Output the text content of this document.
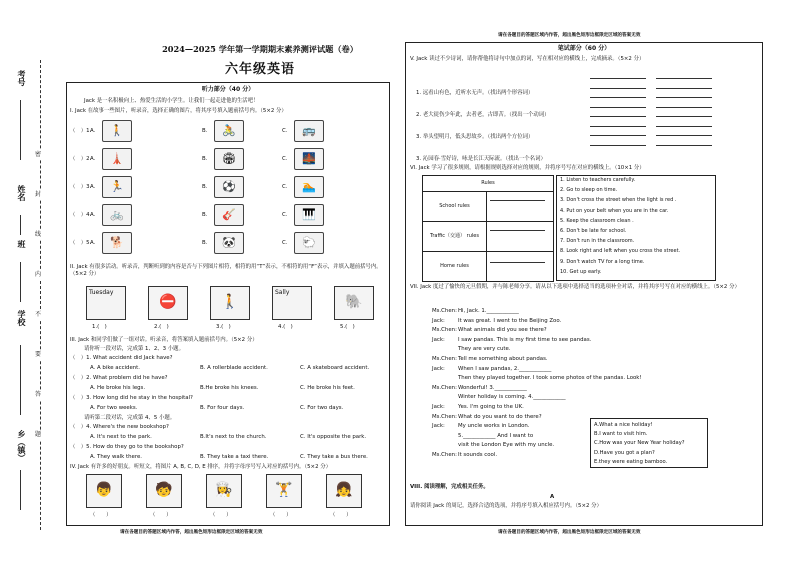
考号
姓名
班
学校
乡（镇）
密
封
线
内
不
要
答
题
2024—2025 学年第一学期期末素养测评试题（卷）
六年级英语
听力部分（40 分）
Jack 是一名积极向上、热爱生活的小学生。让我们一起走进他的生活吧！
I. Jack 在故事一些图片，听录音，选择正确的图片，将其序号填入题前括号内。（5×2 分）
（　）1.
A.	🚶	B.	🚴	C.	🚌
（　）2.
A.	🗼	B.	🏟	C.	🌉
（　）3.
A.	🏃	B.	⚽	C.	🏊
（　）4.
A.	🚲	B.	🎸	C.	🎹
（　）5.
A.	🐕	B.	🐼	C.	🐑
II. Jack 有很多活动。听录音，判断听到的内容是否与下列图片相符，相符的用“T”表示，不相符的用“F”表示，并填入题前括号内。（5×2 分）
Tuesday
1.(　)
⛔
2.(　)
🚶
3.(　)
Sally
4.(　)
🐘
5.(　)
III. Jack 和同学们做了一组对话。听录音，将答案填入题前括号内。（5×2 分）
请你听一段对话，完成第 1、2、3 小题。
（　）1. What accident did Jack have?
A. A bike accident.	B. A rollerblade accident.	C. A skateboard accident.
（　）2. What problem did he have?
A. He broke his legs.	B.He broke his knees.	C. He broke his feet.
（　）3. How long did he stay in the hospital?
A. For two weeks.	B. For four days.	C. For two days.
请听第二段对话，完成第 4、5 小题。
（　）4. Where's the new bookshop?
A. It's next to the park.	B.It's next to the church.	C. It's opposite the park.
（　）5. How do they go to the bookshop?
A. They walk there.	B. They take a taxi there.	C. They take a bus there.
IV. Jack 有许多的好朋友。听短文，将图片 A, B, C, D, E 排序，并将字母序号写入对应的括号内。（5×2 分）
👦
（　　）
🧒
（　　）
👩‍🍳
（　　）
🏋
（　　）
👧
（　　）
请在各题目的答题区域内作答，超出黑色矩形边框限定区域的答案无效
请在各题目的答题区域内作答，超出黑色矩形边框限定区域的答案无效
笔试部分（60 分）
V. Jack 读过不少诗词，请你帮他将诗句中加点的词，写在相对应的横线上，完成摘录。（5×2 分）
1. 远看山有色，近听水无声。（找出两个形容词）
2. 老大徒伤少年此，去者老，古即苦。（找出一个动词）
3. 举头望明月，低头思故乡。（找出两个方位词）
3. 沁园春·雪好诗，咏是长江天际流。（找出一个名词）
VI. Jack 学习了很多规则，请根据规则选择对应的规则，并将序号写在对应的横线上。（10×1 分）
Rules	
School rules	
Traffic（交通） rules	
Home rules	
1. Listen to teachers carefully.
2. Go to sleep on time.
3. Don't cross the street when the light is red .
4. Put on your belt when you are in the car.
5. Keep the classroom clean .
6. Don't be late for school.
7. Don't run in the classroom.
8. Look right and left when you cross the street.
9. Don't watch TV for a long time.
10. Get up early.
VII. Jack 度过了愉快的元旦假期，并与陈老师分享。请从以下选项中选择适当的选项补全对话，并将其序号写在对应的横线上。（5×2 分）
Ms.Chen: Hi, Jack. 1.____________
Jack: It was great. I went to the Beijing Zoo.
Ms.Chen: What animals did you see there?
Jack: I saw pandas. This is my first time to see pandas.
They are very cute.
Ms.Chen: Tell me something about pandas.
Jack: When I saw pandas, 2.____________
Then they played together. I took some photos of the pandas. Look!
Ms.Chen: Wonderful! 3.____________
Winter holiday is coming. 4.____________
Jack: Yes. I'm going to the UK.
Ms.Chen: What do you want to do there?
Jack: My uncle works in London.
5.____________ And I want to
visit the London Eye with my uncle.
Ms.Chen: It sounds cool.
A.What a nice holiday!
B.I want to visit him.
C.How was your New Year holiday?
D.Have you got a plan?
E.they were eating bamboo.
VIII. 阅读理解，完成相关任务。
A
请你阅读 Jack 的周记，选择合适的选项，并将序号填入相应括号内。（5×2 分）
请在各题目的答题区域内作答，超出黑色矩形边框限定区域的答案无效
